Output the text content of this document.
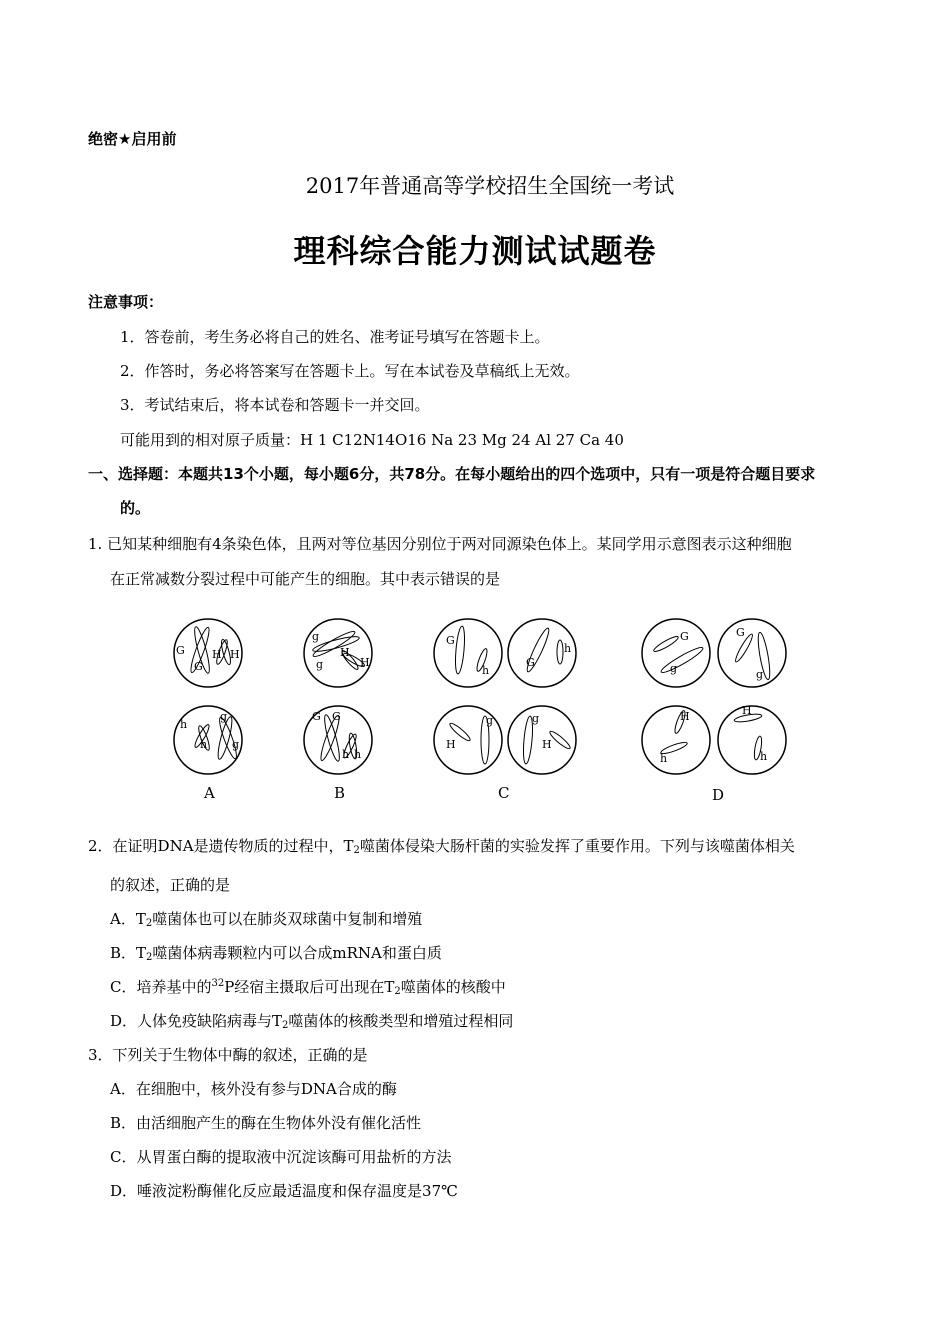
绝密★启用前
2017年普通高等学校招生全国统一考试
理科综合能力测试试题卷
注意事项：
1．答卷前，考生务必将自己的姓名、准考证号填写在答题卡上。
2．作答时，务必将答案写在答题卡上。写在本试卷及草稿纸上无效。
3．考试结束后，将本试卷和答题卡一并交回。
可能用到的相对原子质量：H 1 C12N14O16 Na 23 Mg 24 Al 27 Ca 40
一、选择题：本题共13个小题，每小题6分，共78分。在每小题给出的四个选项中，只有一项是符合题目要求
的。
1. 已知某种细胞有4条染色体，且两对等位基因分别位于两对同源染色体上。某同学用示意图表示这种细胞
在正常减数分裂过程中可能产生的细胞。其中表示错误的是
G
G
H H
h
h
g
g
A
g
g
H
H
G G
h h
B
G
h
G
h
H
g
H
g
C
G
g
G
g
H
h
H
h
D
2．在证明DNA是遗传物质的过程中，$T_2$噬菌体侵染大肠杆菌的实验发挥了重要作用。下列与该噬菌体相关
的叙述，正确的是
A．$T_2$噬菌体也可以在肺炎双球菌中复制和增殖
B．$T_2$噬菌体病毒颗粒内可以合成mRNA和蛋白质
C．培养基中的$^{32}$P经宿主摄取后可出现在$T_2$噬菌体的核酸中
D．人体免疫缺陷病毒与$T_2$噬菌体的核酸类型和增殖过程相同
3．下列关于生物体中酶的叙述，正确的是
A．在细胞中，核外没有参与DNA合成的酶
B．由活细胞产生的酶在生物体外没有催化活性
C．从胃蛋白酶的提取液中沉淀该酶可用盐析的方法
D．唾液淀粉酶催化反应最适温度和保存温度是37℃
